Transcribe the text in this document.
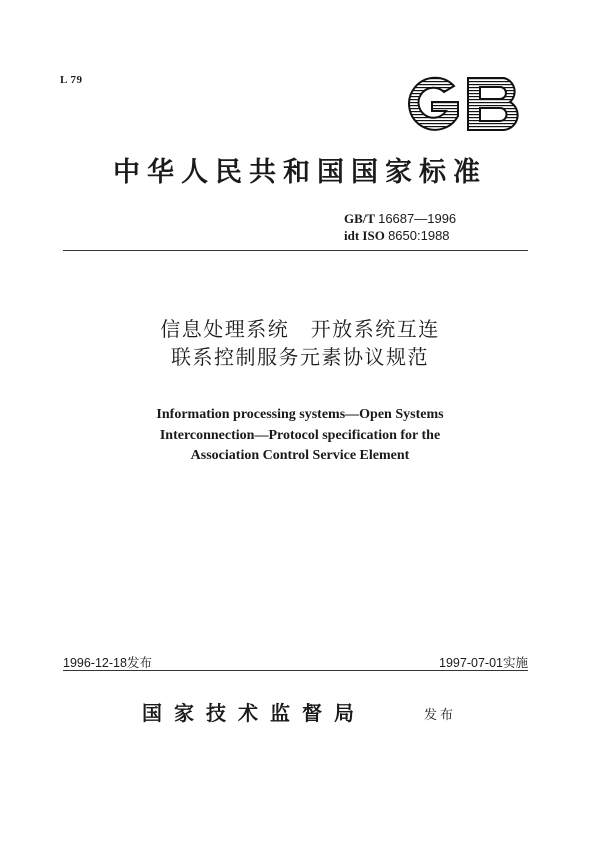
L 79
中华人民共和国国家标准
GB/T 16687—1996
idt ISO 8650:1988
信息处理系统　开放系统互连
联系控制服务元素协议规范
Information processing systems—Open Systems
Interconnection—Protocol specification for the
Association Control Service Element
1996-12-18发布	1997-07-01实施
国家技术监督局	发布
